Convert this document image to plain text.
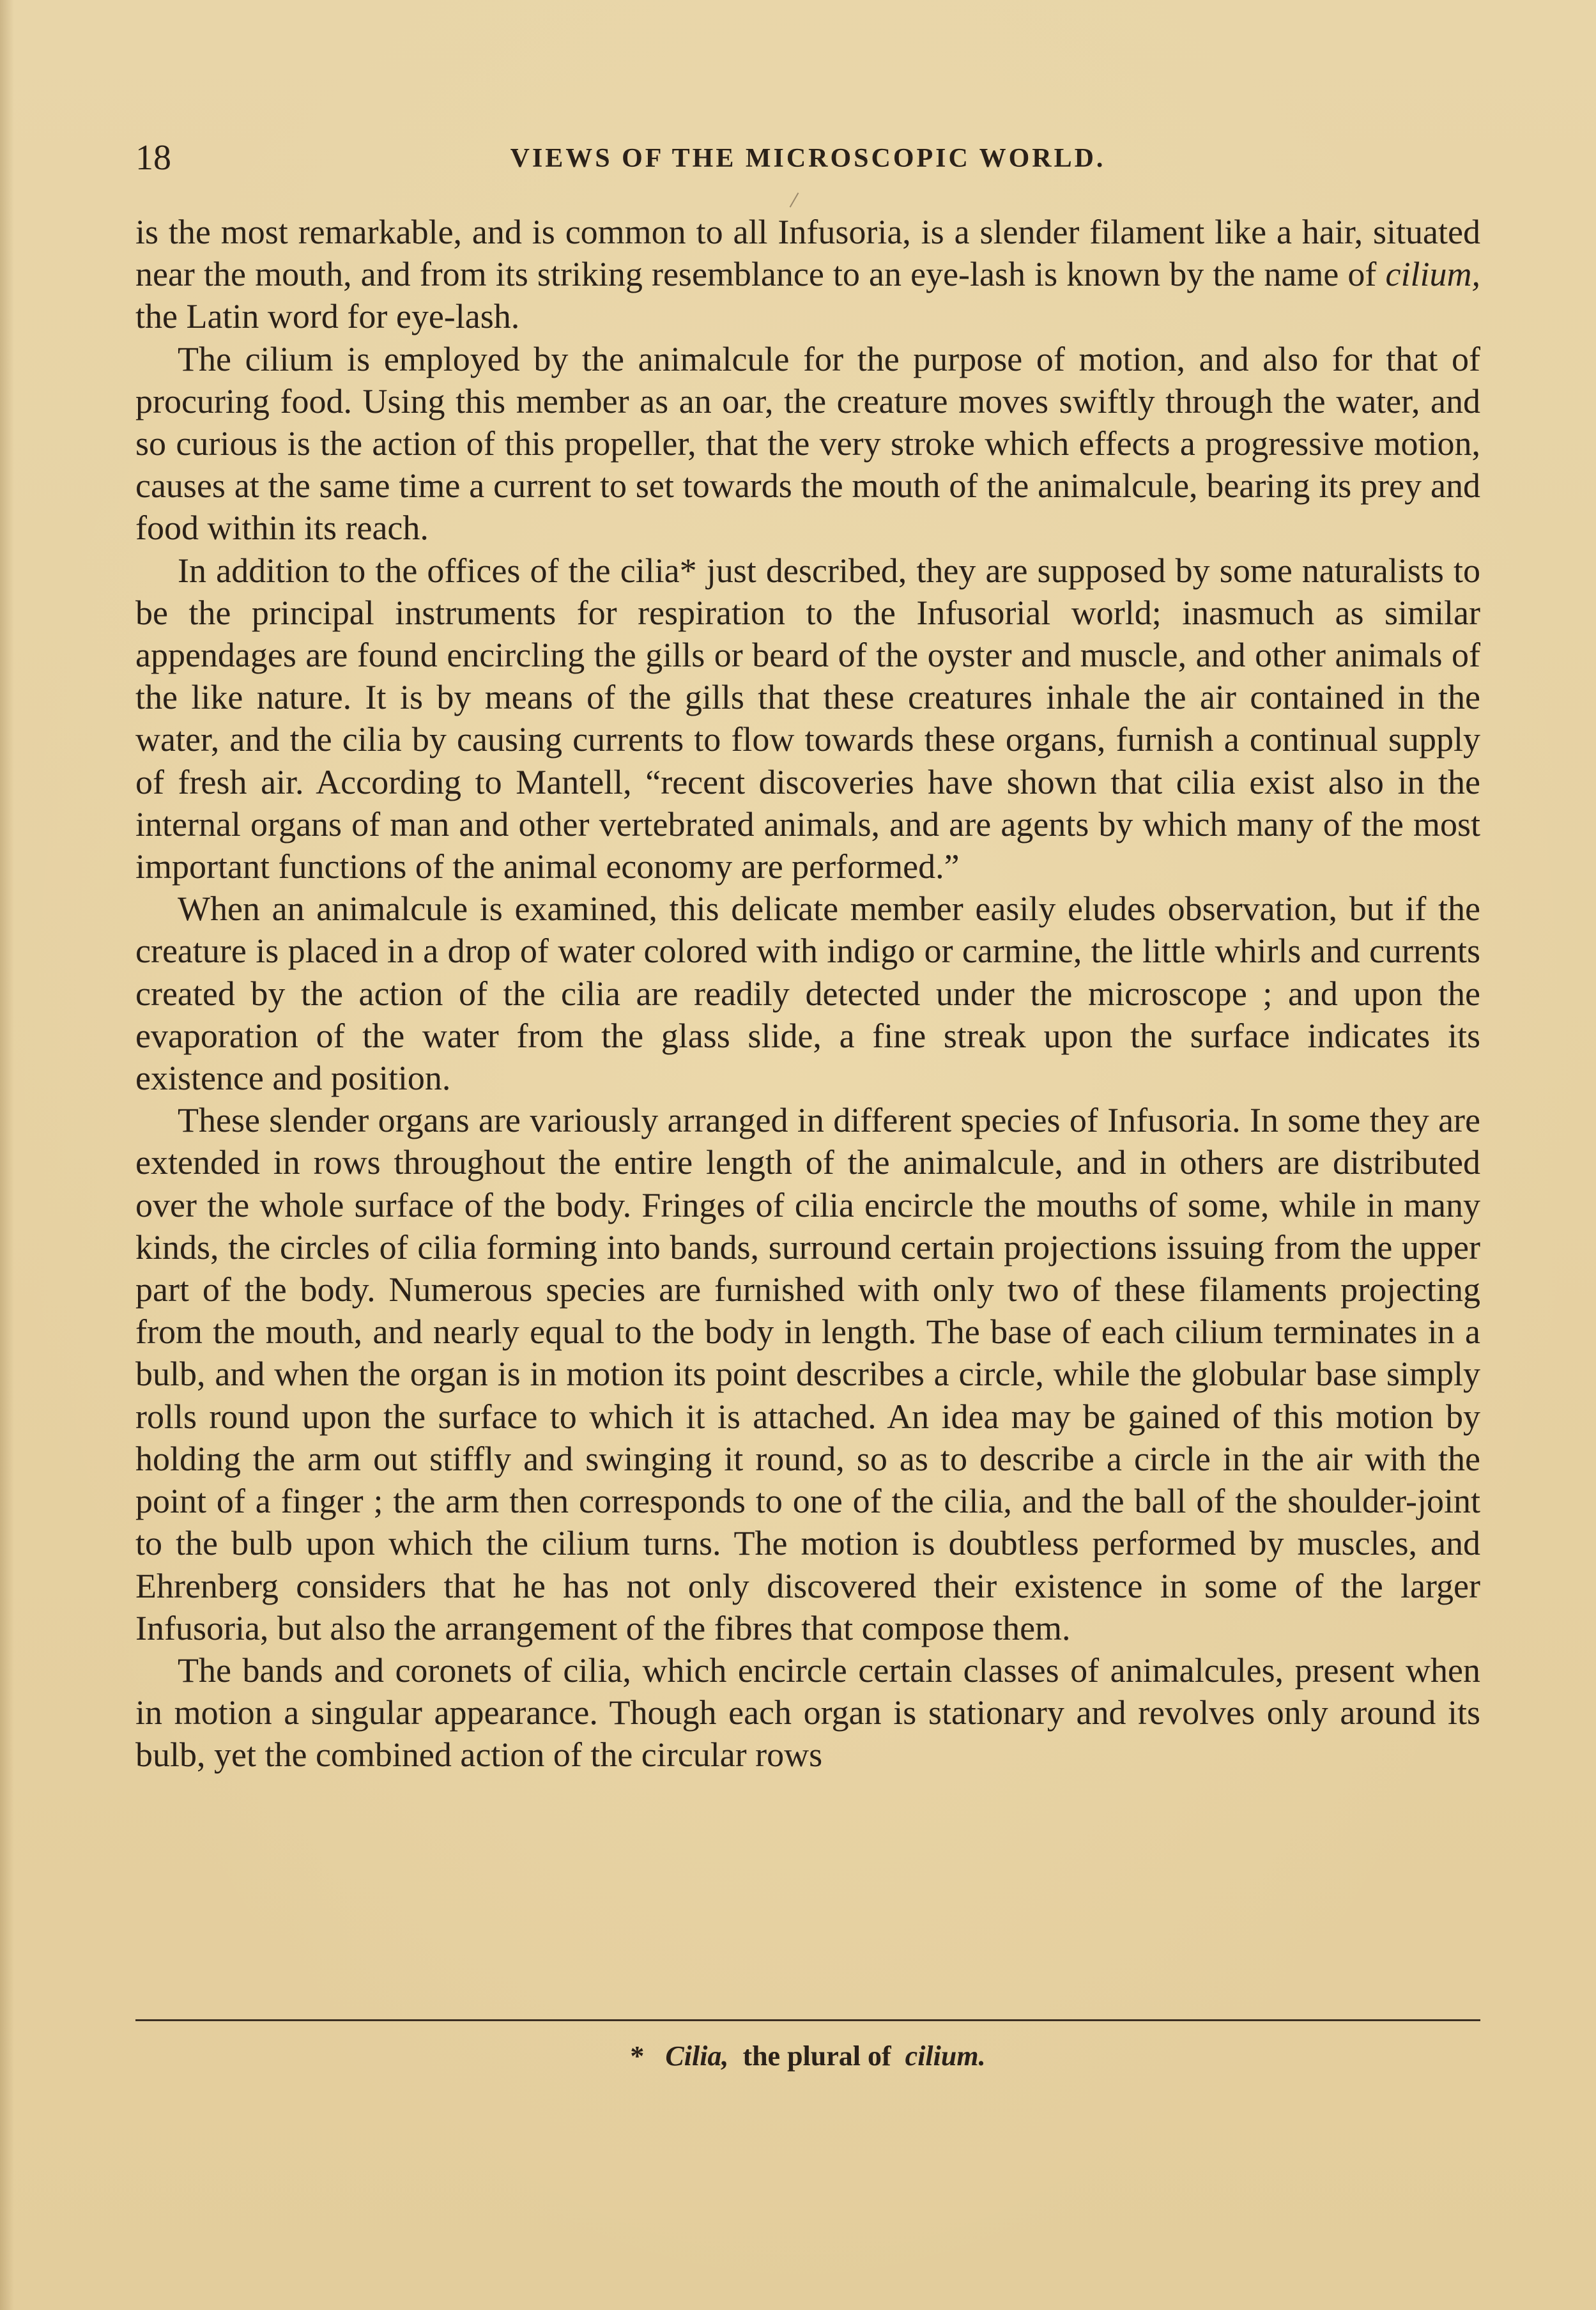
18	VIEWS OF THE MICROSCOPIC WORLD.

is the most remarkable, and is common to all Infusoria, is a slender filament like a hair, situated near the mouth, and from its striking resemblance to an eye-lash is known by the name of cilium, the Latin word for eye-lash.

The cilium is employed by the animalcule for the purpose of motion, and also for that of procuring food. Using this member as an oar, the creature moves swiftly through the water, and so curious is the action of this propeller, that the very stroke which effects a progressive motion, causes at the same time a current to set towards the mouth of the animalcule, bearing its prey and food within its reach.

In addition to the offices of the cilia* just described, they are supposed by some naturalists to be the principal instruments for respiration to the Infusorial world; inasmuch as similar appendages are found encircling the gills or beard of the oyster and muscle, and other animals of the like nature. It is by means of the gills that these creatures inhale the air contained in the water, and the cilia by causing currents to flow towards these organs, furnish a continual supply of fresh air. According to Mantell, “recent discoveries have shown that cilia exist also in the internal organs of man and other vertebrated animals, and are agents by which many of the most important functions of the animal economy are performed.”

When an animalcule is examined, this delicate member easily eludes observation, but if the creature is placed in a drop of water colored with indigo or carmine, the little whirls and currents created by the action of the cilia are readily detected under the microscope ; and upon the evaporation of the water from the glass slide, a fine streak upon the surface indicates its existence and position.

These slender organs are variously arranged in different species of Infusoria. In some they are extended in rows throughout the entire length of the animalcule, and in others are distributed over the whole surface of the body. Fringes of cilia encircle the mouths of some, while in many kinds, the circles of cilia forming into bands, surround certain projections issuing from the upper part of the body. Numerous species are furnished with only two of these filaments projecting from the mouth, and nearly equal to the body in length. The base of each cilium terminates in a bulb, and when the organ is in motion its point describes a circle, while the globular base simply rolls round upon the surface to which it is attached. An idea may be gained of this motion by holding the arm out stiffly and swinging it round, so as to describe a circle in the air with the point of a finger ; the arm then corresponds to one of the cilia, and the ball of the shoulder-joint to the bulb upon which the cilium turns. The motion is doubtless performed by muscles, and Ehrenberg considers that he has not only discovered their existence in some of the larger Infusoria, but also the arrangement of the fibres that compose them.

The bands and coronets of cilia, which encircle certain classes of animalcules, present when in motion a singular appearance. Though each organ is stationary and revolves only around its bulb, yet the combined action of the circular rows

* Cilia,  the plural of  cilium.
